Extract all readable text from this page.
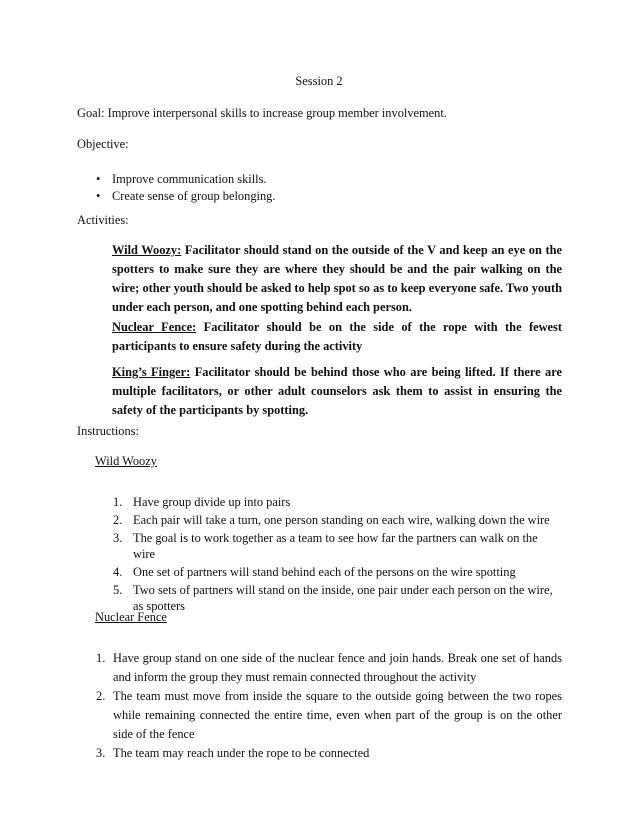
Session 2
Goal: Improve interpersonal skills to increase group member involvement.
Objective:
• Improve communication skills.
• Create sense of group belonging.
Activities:
Wild Woozy: Facilitator should stand on the outside of the V and keep an eye on the spotters to make sure they are where they should be and the pair walking on the wire; other youth should be asked to help spot so as to keep everyone safe. Two youth under each person, and one spotting behind each person.
Nuclear Fence: Facilitator should be on the side of the rope with the fewest participants to ensure safety during the activity
King’s Finger: Facilitator should be behind those who are being lifted. If there are multiple facilitators, or other adult counselors ask them to assist in ensuring the safety of the participants by spotting.
Instructions:
Wild Woozy
1. Have group divide up into pairs
2. Each pair will take a turn, one person standing on each wire, walking down the wire
3. The goal is to work together as a team to see how far the partners can walk on the wire
4. One set of partners will stand behind each of the persons on the wire spotting
5. Two sets of partners will stand on the inside, one pair under each person on the wire, as spotters
Nuclear Fence
1. Have group stand on one side of the nuclear fence and join hands. Break one set of hands and inform the group they must remain connected throughout the activity
2. The team must move from inside the square to the outside going between the two ropes while remaining connected the entire time, even when part of the group is on the other side of the fence
3. The team may reach under the rope to be connected
